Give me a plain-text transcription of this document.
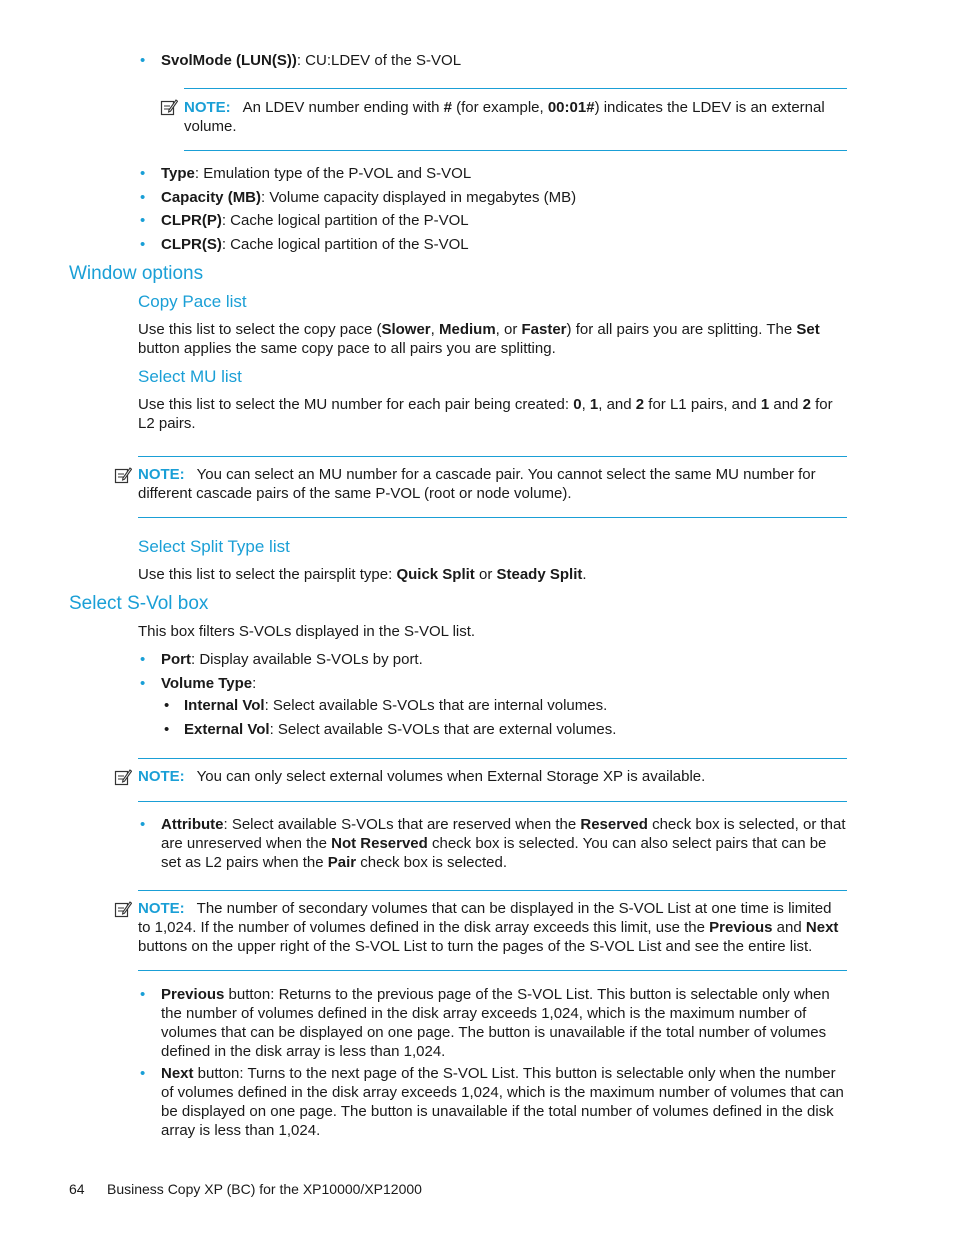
• SvolMode (LUN(S)): CU:LDEV of the S-VOL
NOTE: An LDEV number ending with # (for example, 00:01#) indicates the LDEV is an external volume.
• Type: Emulation type of the P-VOL and S-VOL
• Capacity (MB): Volume capacity displayed in megabytes (MB)
• CLPR(P): Cache logical partition of the P-VOL
• CLPR(S): Cache logical partition of the S-VOL
Window options
Copy Pace list
Use this list to select the copy pace (Slower, Medium, or Faster) for all pairs you are splitting. The Set button applies the same copy pace to all pairs you are splitting.
Select MU list
Use this list to select the MU number for each pair being created: 0, 1, and 2 for L1 pairs, and 1 and 2 for L2 pairs.
NOTE: You can select an MU number for a cascade pair. You cannot select the same MU number for different cascade pairs of the same P-VOL (root or node volume).
Select Split Type list
Use this list to select the pairsplit type: Quick Split or Steady Split.
Select S-Vol box
This box filters S-VOLs displayed in the S-VOL list.
• Port: Display available S-VOLs by port.
• Volume Type:
• Internal Vol: Select available S-VOLs that are internal volumes.
• External Vol: Select available S-VOLs that are external volumes.
NOTE: You can only select external volumes when External Storage XP is available.
• Attribute: Select available S-VOLs that are reserved when the Reserved check box is selected, or that are unreserved when the Not Reserved check box is selected. You can also select pairs that can be set as L2 pairs when the Pair check box is selected.
NOTE: The number of secondary volumes that can be displayed in the S-VOL List at one time is limited to 1,024. If the number of volumes defined in the disk array exceeds this limit, use the Previous and Next buttons on the upper right of the S-VOL List to turn the pages of the S-VOL List and see the entire list.
• Previous button: Returns to the previous page of the S-VOL List. This button is selectable only when the number of volumes defined in the disk array exceeds 1,024, which is the maximum number of volumes that can be displayed on one page. The button is unavailable if the total number of volumes defined in the disk array is less than 1,024.
• Next button: Turns to the next page of the S-VOL List. This button is selectable only when the number of volumes defined in the disk array exceeds 1,024, which is the maximum number of volumes that can be displayed on one page. The button is unavailable if the total number of volumes defined in the disk array is less than 1,024.
64 Business Copy XP (BC) for the XP10000/XP12000
